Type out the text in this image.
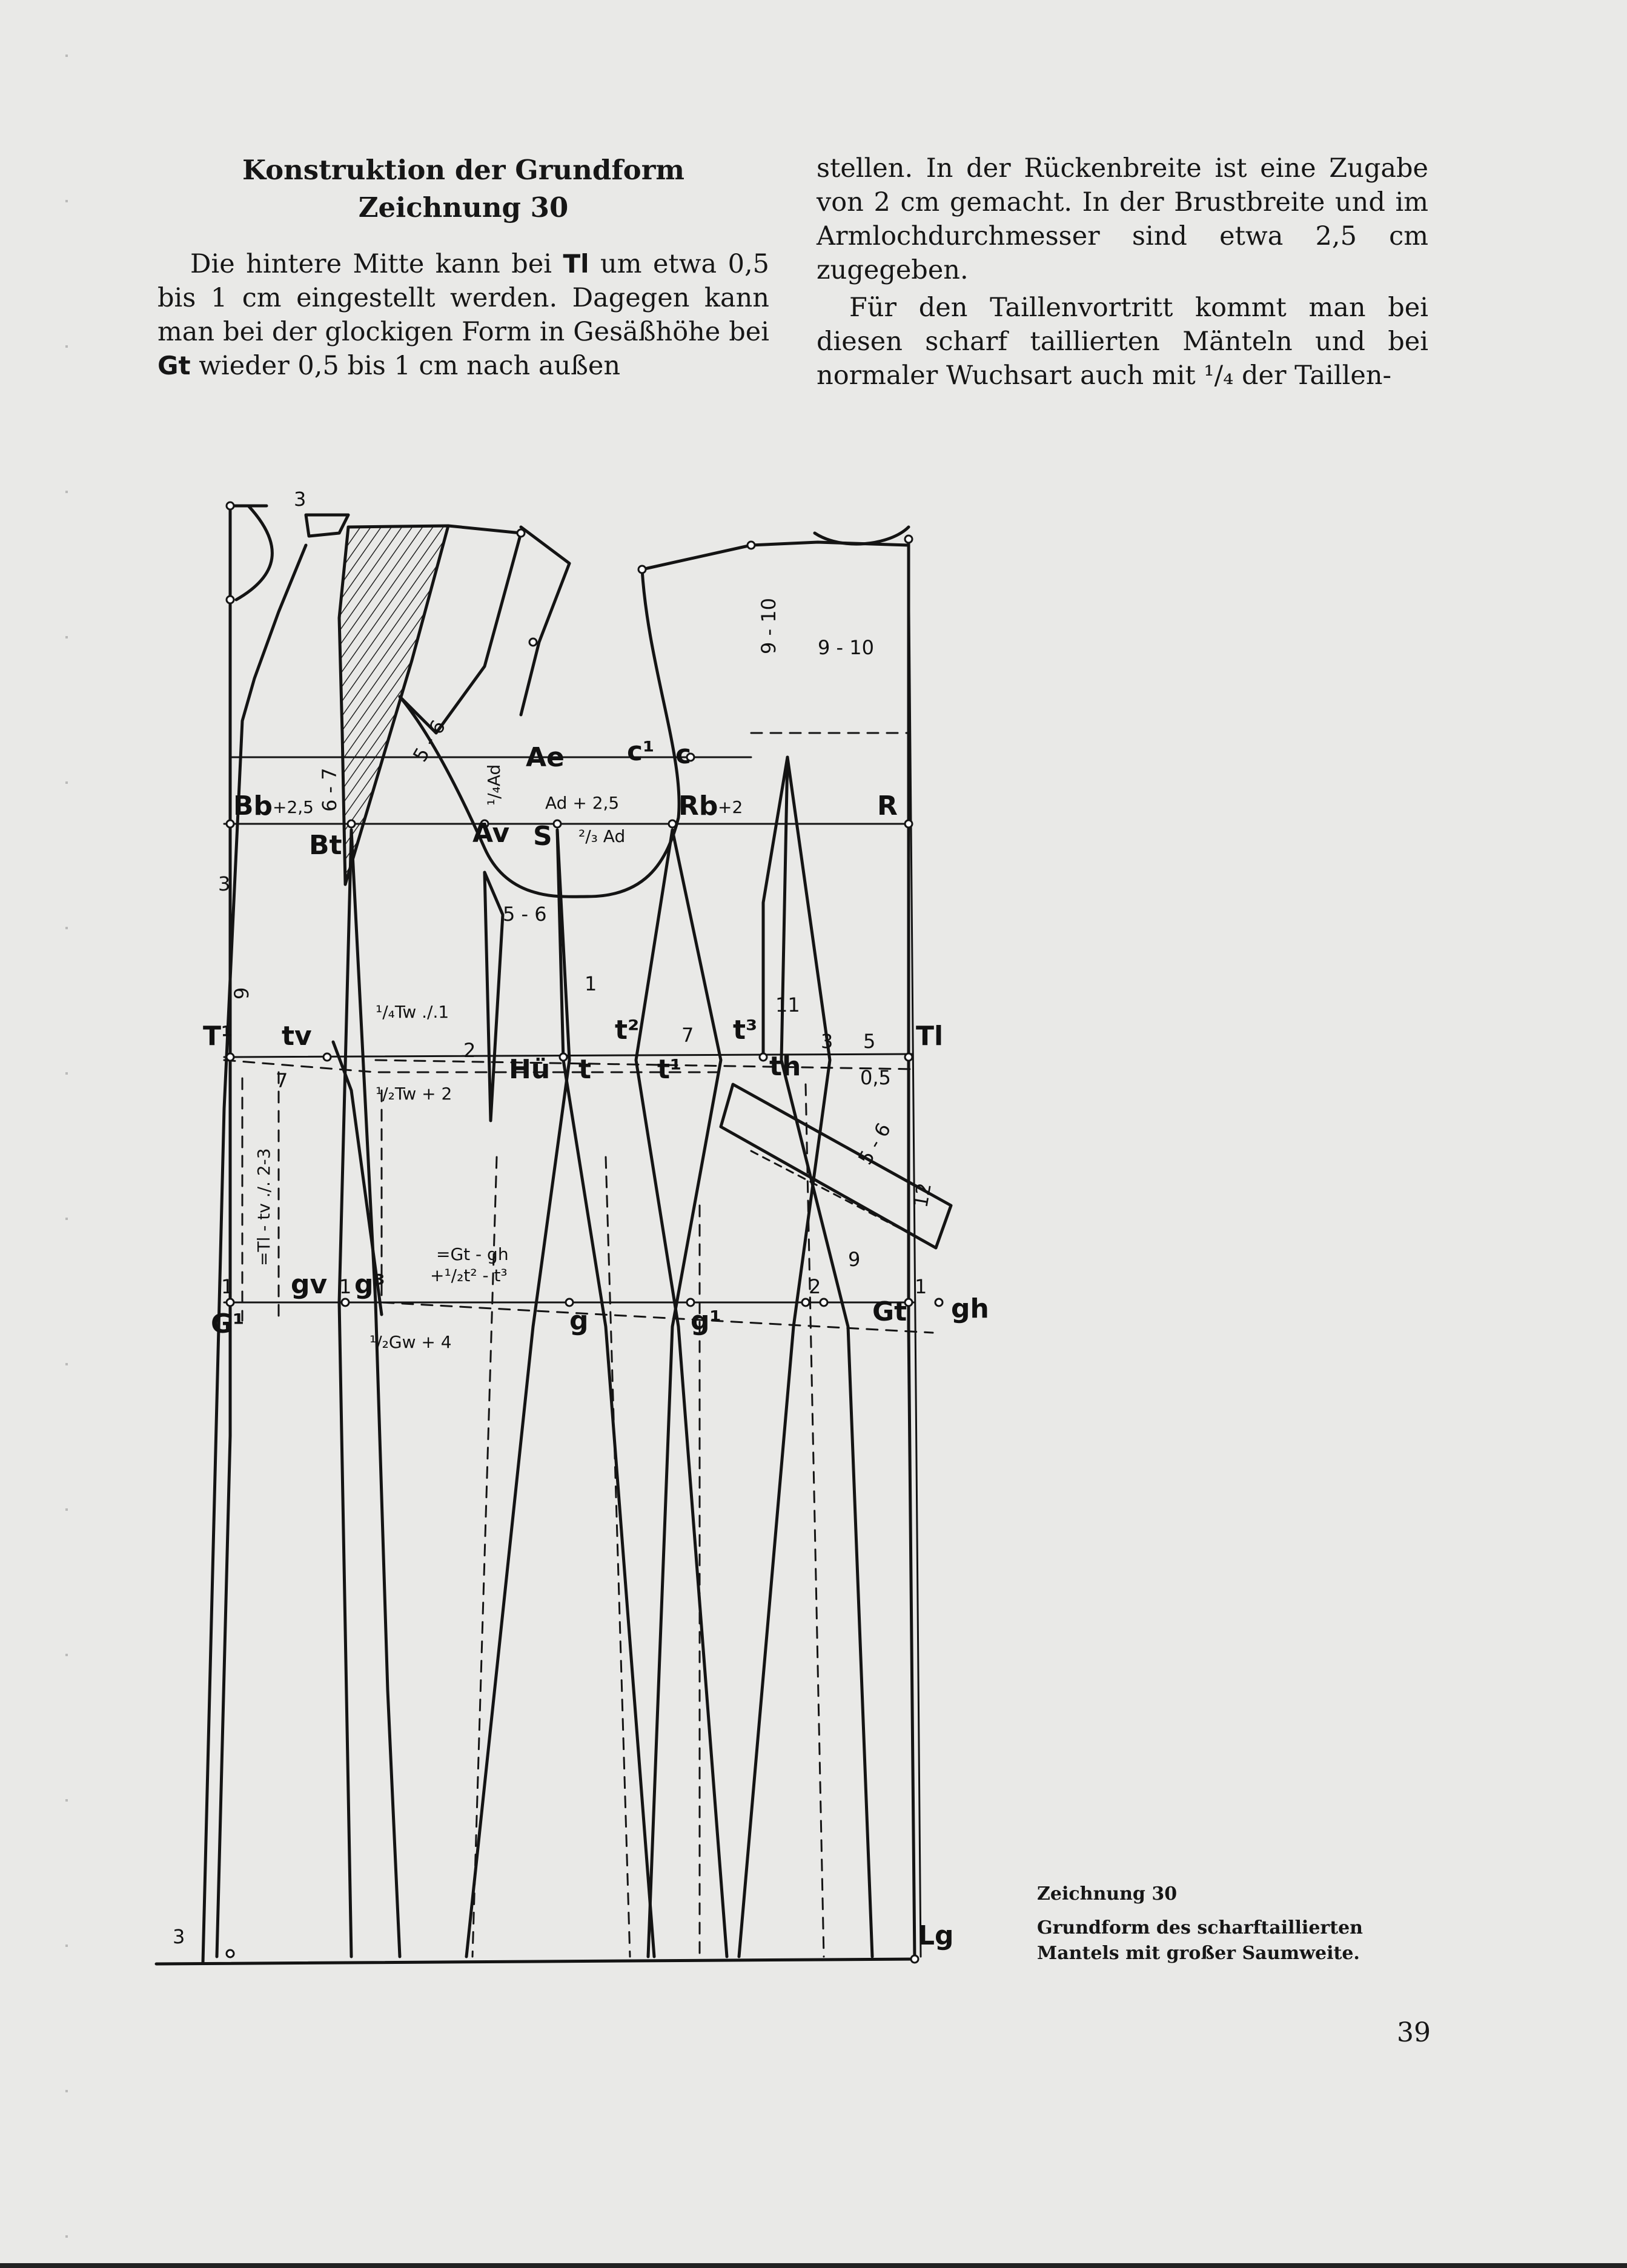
Konstruktion der Grundform
Zeichnung 30

Die hintere Mitte kann bei Tl um etwa 0,5 bis 1 cm eingestellt werden. Dagegen kann man bei der glockigen Form in Gesäßhöhe bei Gt wieder 0,5 bis 1 cm nach außen

stellen. In der Rückenbreite ist eine Zugabe von 2 cm gemacht. In der Brustbreite und im Armlochdurchmesser sind etwa 2,5 cm zugegeben.

Für den Taillenvortritt kommt man bei diesen scharf taillierten Mänteln und bei normaler Wuchsart auch mit ¹/₄ der Taillen-

Ae c¹ c
Bb +2,5
Bt	Av S
Ad + 2,5
²/₃ Ad
¹/₄Ad
Rb +2	R
T¹ tv
Hü t t¹
t²	t³
th
Tl
G¹
gv g³
g	g¹	Gt gh
Lg
3
9 - 10 9 - 10
5 - 6
6 - 7
5 - 6
3
9
¹/₄Tw ./.1
¹/₂Tw + 2
2
1
7
7
11
3 5
0,5
5 - 6
12
=Tl - tv ./. 2-3	=Gt - gh
+¹/₂t² - t³
¹/₂Gw + 4
9
1	1	1
2
3
Zeichnung 30
Grundform des scharftaillierten
Mantels mit großer Saumweite.
39
